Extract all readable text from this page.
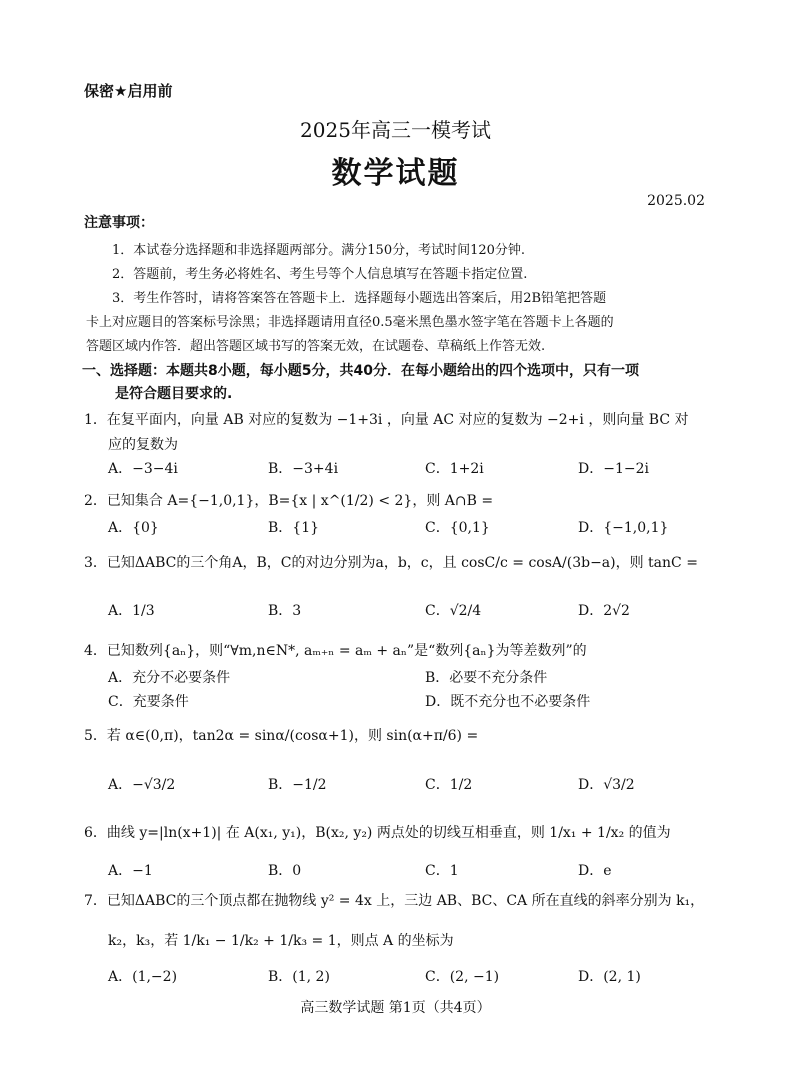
保密★启用前
2025年高三一模考试
数学试题
2025.02
注意事项：
1．本试卷分选择题和非选择题两部分。满分150分，考试时间120分钟.
2．答题前，考生务必将姓名、考生号等个人信息填写在答题卡指定位置.
3．考生作答时，请将答案答在答题卡上．选择题每小题选出答案后，用2B铅笔把答题
卡上对应题目的答案标号涂黑；非选择题请用直径0.5毫米黑色墨水签字笔在答题卡上各题的
答题区域内作答．超出答题区域书写的答案无效，在试题卷、草稿纸上作答无效.
一、选择题：本题共8小题，每小题5分，共40分．在每小题给出的四个选项中，只有一项
是符合题目要求的.
1．在复平面内，向量 AB 对应的复数为 −1+3i ，向量 AC 对应的复数为 −2+i ，则向量 BC 对
应的复数为
A．−3−4i	B．−3+4i	C．1+2i	D．−1−2i
2．已知集合 A={−1,0,1}，B={x | x^(1/2) < 2}，则 A∩B =
A．{0}	B．{1}	C．{0,1}	D．{−1,0,1}
3．已知ΔABC的三个角A，B，C的对边分别为a，b，c，且 cosC/c = cosA/(3b−a)，则 tanC =
A．1/3	B．3	C．√2/4	D．2√2
4．已知数列{aₙ}，则“∀m,n∈N*, aₘ₊ₙ = aₘ + aₙ”是“数列{aₙ}为等差数列”的
A．充分不必要条件	B．必要不充分条件
C．充要条件	D．既不充分也不必要条件
5．若 α∈(0,π)，tan2α = sinα/(cosα+1)，则 sin(α+π/6) =
A．−√3/2	B．−1/2	C．1/2	D．√3/2
6．曲线 y=|ln(x+1)| 在 A(x₁, y₁)，B(x₂, y₂) 两点处的切线互相垂直，则 1/x₁ + 1/x₂ 的值为
A．−1	B．0	C．1	D．e
7．已知ΔABC的三个顶点都在抛物线 y² = 4x 上，三边 AB、BC、CA 所在直线的斜率分别为 k₁，
k₂，k₃，若 1/k₁ − 1/k₂ + 1/k₃ = 1，则点 A 的坐标为
A．(1,−2)	B．(1, 2)	C．(2, −1)	D．(2, 1)
高三数学试题 第1页（共4页）
